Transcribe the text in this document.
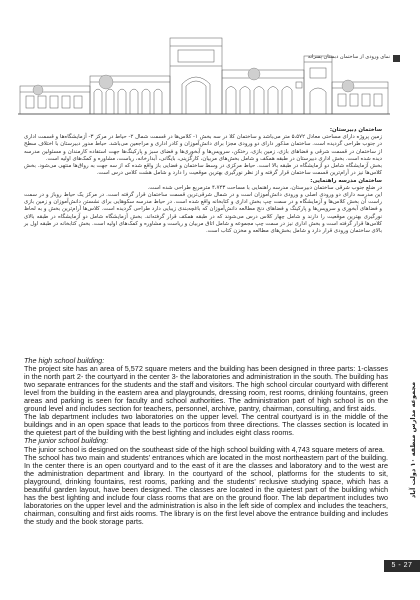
نمای ورودی از ساختمان دبستان پسرانه

ساختمان دبیرستان:

زمین پروژه دارای مساحتی معادل ۵،۵۷۲ متر می‌باشد و ساختمان کلا در سه بخش ۱- کلاس‌ها در قسمت شمال ۲- حیاط در مرکز ۳- آزمایشگاه‌ها و قسمت اداری در جنوب طراحی گردیده است. ساختمان مذکور دارای دو ورودی مجزا برای دانش‌آموزان و کادر اداری و مراجعین می‌باشد. حیاط مدور دبیرستان با اختلاف سطح از ساختمان در قسمت شرقی و فضاهای بازی، زمین بازی، رختکن، سرویس‌ها و آبخوری‌ها و فضای سبز و پارکینگ‌ها جهت استفاده کارمندان و مسئولین مدرسه دیده شده است. بخش اداری دبیرستان در طبقه همکف و شامل بخش‌های مربیان، کارگزینی، بایگانی، آبدارخانه، ریاست، مشاوره و کمک‌های اولیه است.

بخش آزمایشگاه شامل دو آزمایشگاه در طبقه بالا است. حیاط مرکزی در وسط ساختمان و فضایی باز واقع شده که از سه جهت به رواق‌ها منتهی می‌شود. بخش کلاس‌ها نیز در آرام‌ترین قسمت ساختمان قرار گرفته و از نظر نورگیری بهترین موقعیت را دارد و شامل هشت کلاس درس است.

ساختمان مدرسه راهنمایی:

در ضلع جنوب شرقی ساختمان دبیرستان، مدرسه راهنمایی با مساحت ۴،۷۴۳ مترمربع طراحی شده است.

این مدرسه دارای دو ورودی اصلی و ورودی دانش‌آموزان است و در شمال شرقی‌ترین قسمت ساختمان قرار گرفته است. در مرکز یک حیاط روباز و در سمت راست آن بخش کلاس‌ها و آزمایشگاه و در سمت چپ بخش اداری و کتابخانه واقع شده است. در حیاط مدرسه سکوهایی برای نشستن دانش‌آموزان و زمین بازی و فضاهای آبخوری و سرویس‌ها و پارکینگ و فضاهای دنج مطالعه دانش‌آموزان که باغچه‌بندی زیبایی دارد طراحی گردیده است. کلاس‌ها آرام‌ترین بخش و به لحاظ نورگیری بهترین موقعیت را دارند و شامل چهار کلاس درس می‌شوند که در طبقه همکف قرار گرفته‌اند. بخش آزمایشگاه شامل دو آزمایشگاه در طبقه بالای کلاس‌ها قرار گرفته است و بخش اداری نیز در سمت چپ مجموعه و شامل اتاق مربیان و ریاست و مشاوره و کمک‌های اولیه است. بخش کتابخانه در طبقه اول بر بالای ساختمان ورودی قرار دارد و شامل بخش‌های مطالعه و مخزن کتاب است.

The high school building:

The project site has an area of 5,572 square meters and the building has been designed in three parts: 1-classes in the north part 2- the courtyard in the center 3- the laboratories and administration in the south. The building has two separate entrances for the students and the staff and visitors. The high school circular courtyard with different level from the building in the eastern area and playgrounds, dressing room, rest rooms, drinking fountains, green areas and parking is seen for faculty and school authorities. The administration part of high school is on the ground level and includes section for teachers, personnel, archive, pantry, chairman, consulting, and first aids.

The lab department includes two laboratories on the upper level. The central courtyard is in the middle of the buildings and in an open space that leads to the porticos from three directions. The classes section is located in the quietest part of the building with the best lighting and includes eight class rooms.

The junior school building:

The junior school is designed on the southeast side of the high school building with 4,743 square meters of area.

The school has two main and students' entrances which are located in the most northeastern part of the building. In the center there is an open courtyard and to the east of it are the classes and laboratory and to the west are the administration department and library. In the courtyard of the school, platforms for the students to sit, playground, drinking fountains, rest rooms, parking and the students' reclusive studying space, which has a beautiful garden layout, have been designed. The classes are located in the quietest part of the building which has the best lighting and include four class rooms that are on the ground floor. The lab department includes two laboratories on the upper level and the administration is also in the left side of complex and includes the teachers, chairman, consulting and first aids rooms. The library is on the first level above the entrance building and includes the study and the book storage parts.

مجموعه مدارس منطقه ۱۰ دولت آباد
5 - 27
